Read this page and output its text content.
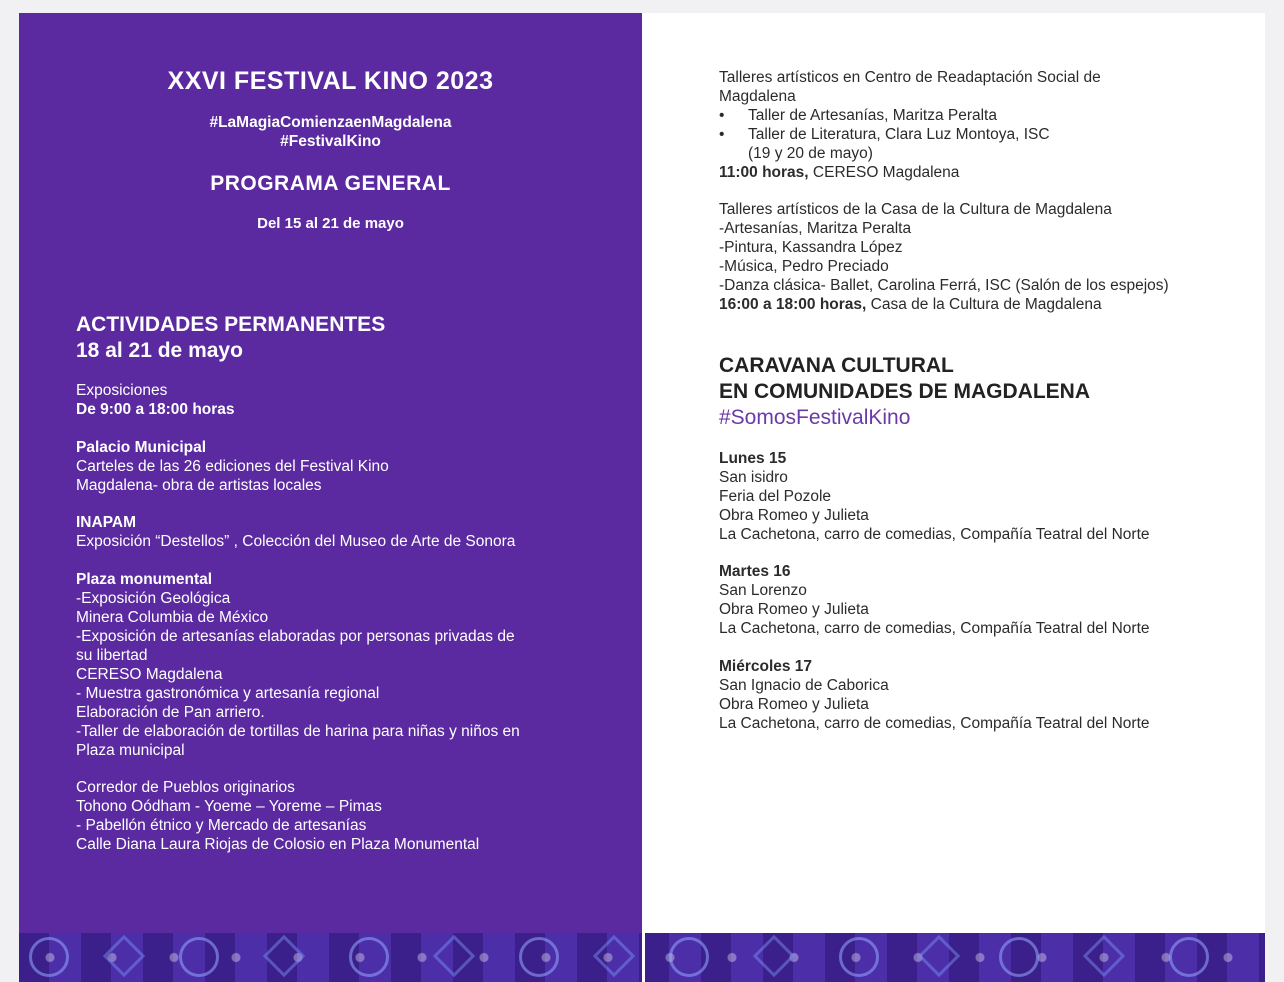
XXVI FESTIVAL KINO 2023
#LaMagiaComienzaenMagdalena
#FestivalKino
PROGRAMA GENERAL
Del 15 al 21 de mayo
ACTIVIDADES PERMANENTES
18 al 21 de mayo
Exposiciones
De 9:00 a 18:00 horas
Palacio Municipal
Carteles de las 26 ediciones del Festival Kino
Magdalena- obra de artistas locales
INAPAM
Exposición “Destellos” , Colección del Museo de Arte de Sonora
Plaza monumental
-Exposición Geológica
Minera Columbia de México
-Exposición de artesanías elaboradas por personas privadas de
su libertad
CERESO Magdalena
- Muestra gastronómica y artesanía regional
Elaboración de Pan arriero.
-Taller de elaboración de tortillas de harina para niñas y niños en
Plaza municipal
Corredor de Pueblos originarios
Tohono Oódham - Yoeme – Yoreme – Pimas
- Pabellón étnico y Mercado de artesanías
Calle Diana Laura Riojas de Colosio en Plaza Monumental
Talleres artísticos en Centro de Readaptación Social de
Magdalena
•	Taller de Artesanías, Maritza Peralta
•	Taller de Literatura, Clara Luz Montoya, ISC
(19 y 20 de mayo)
11:00 horas, CERESO Magdalena
Talleres artísticos de la Casa de la Cultura de Magdalena
-Artesanías, Maritza Peralta
-Pintura, Kassandra López
-Música, Pedro Preciado
-Danza clásica- Ballet, Carolina Ferrá, ISC (Salón de los espejos)
16:00 a 18:00 horas, Casa de la Cultura de Magdalena
CARAVANA CULTURAL
EN COMUNIDADES DE MAGDALENA
#SomosFestivalKino
Lunes 15
San isidro
Feria del Pozole
Obra Romeo y Julieta
La Cachetona, carro de comedias, Compañía Teatral del Norte
Martes 16
San Lorenzo
Obra Romeo y Julieta
La Cachetona, carro de comedias, Compañía Teatral del Norte
Miércoles 17
San Ignacio de Caborica
Obra Romeo y Julieta
La Cachetona, carro de comedias, Compañía Teatral del Norte
